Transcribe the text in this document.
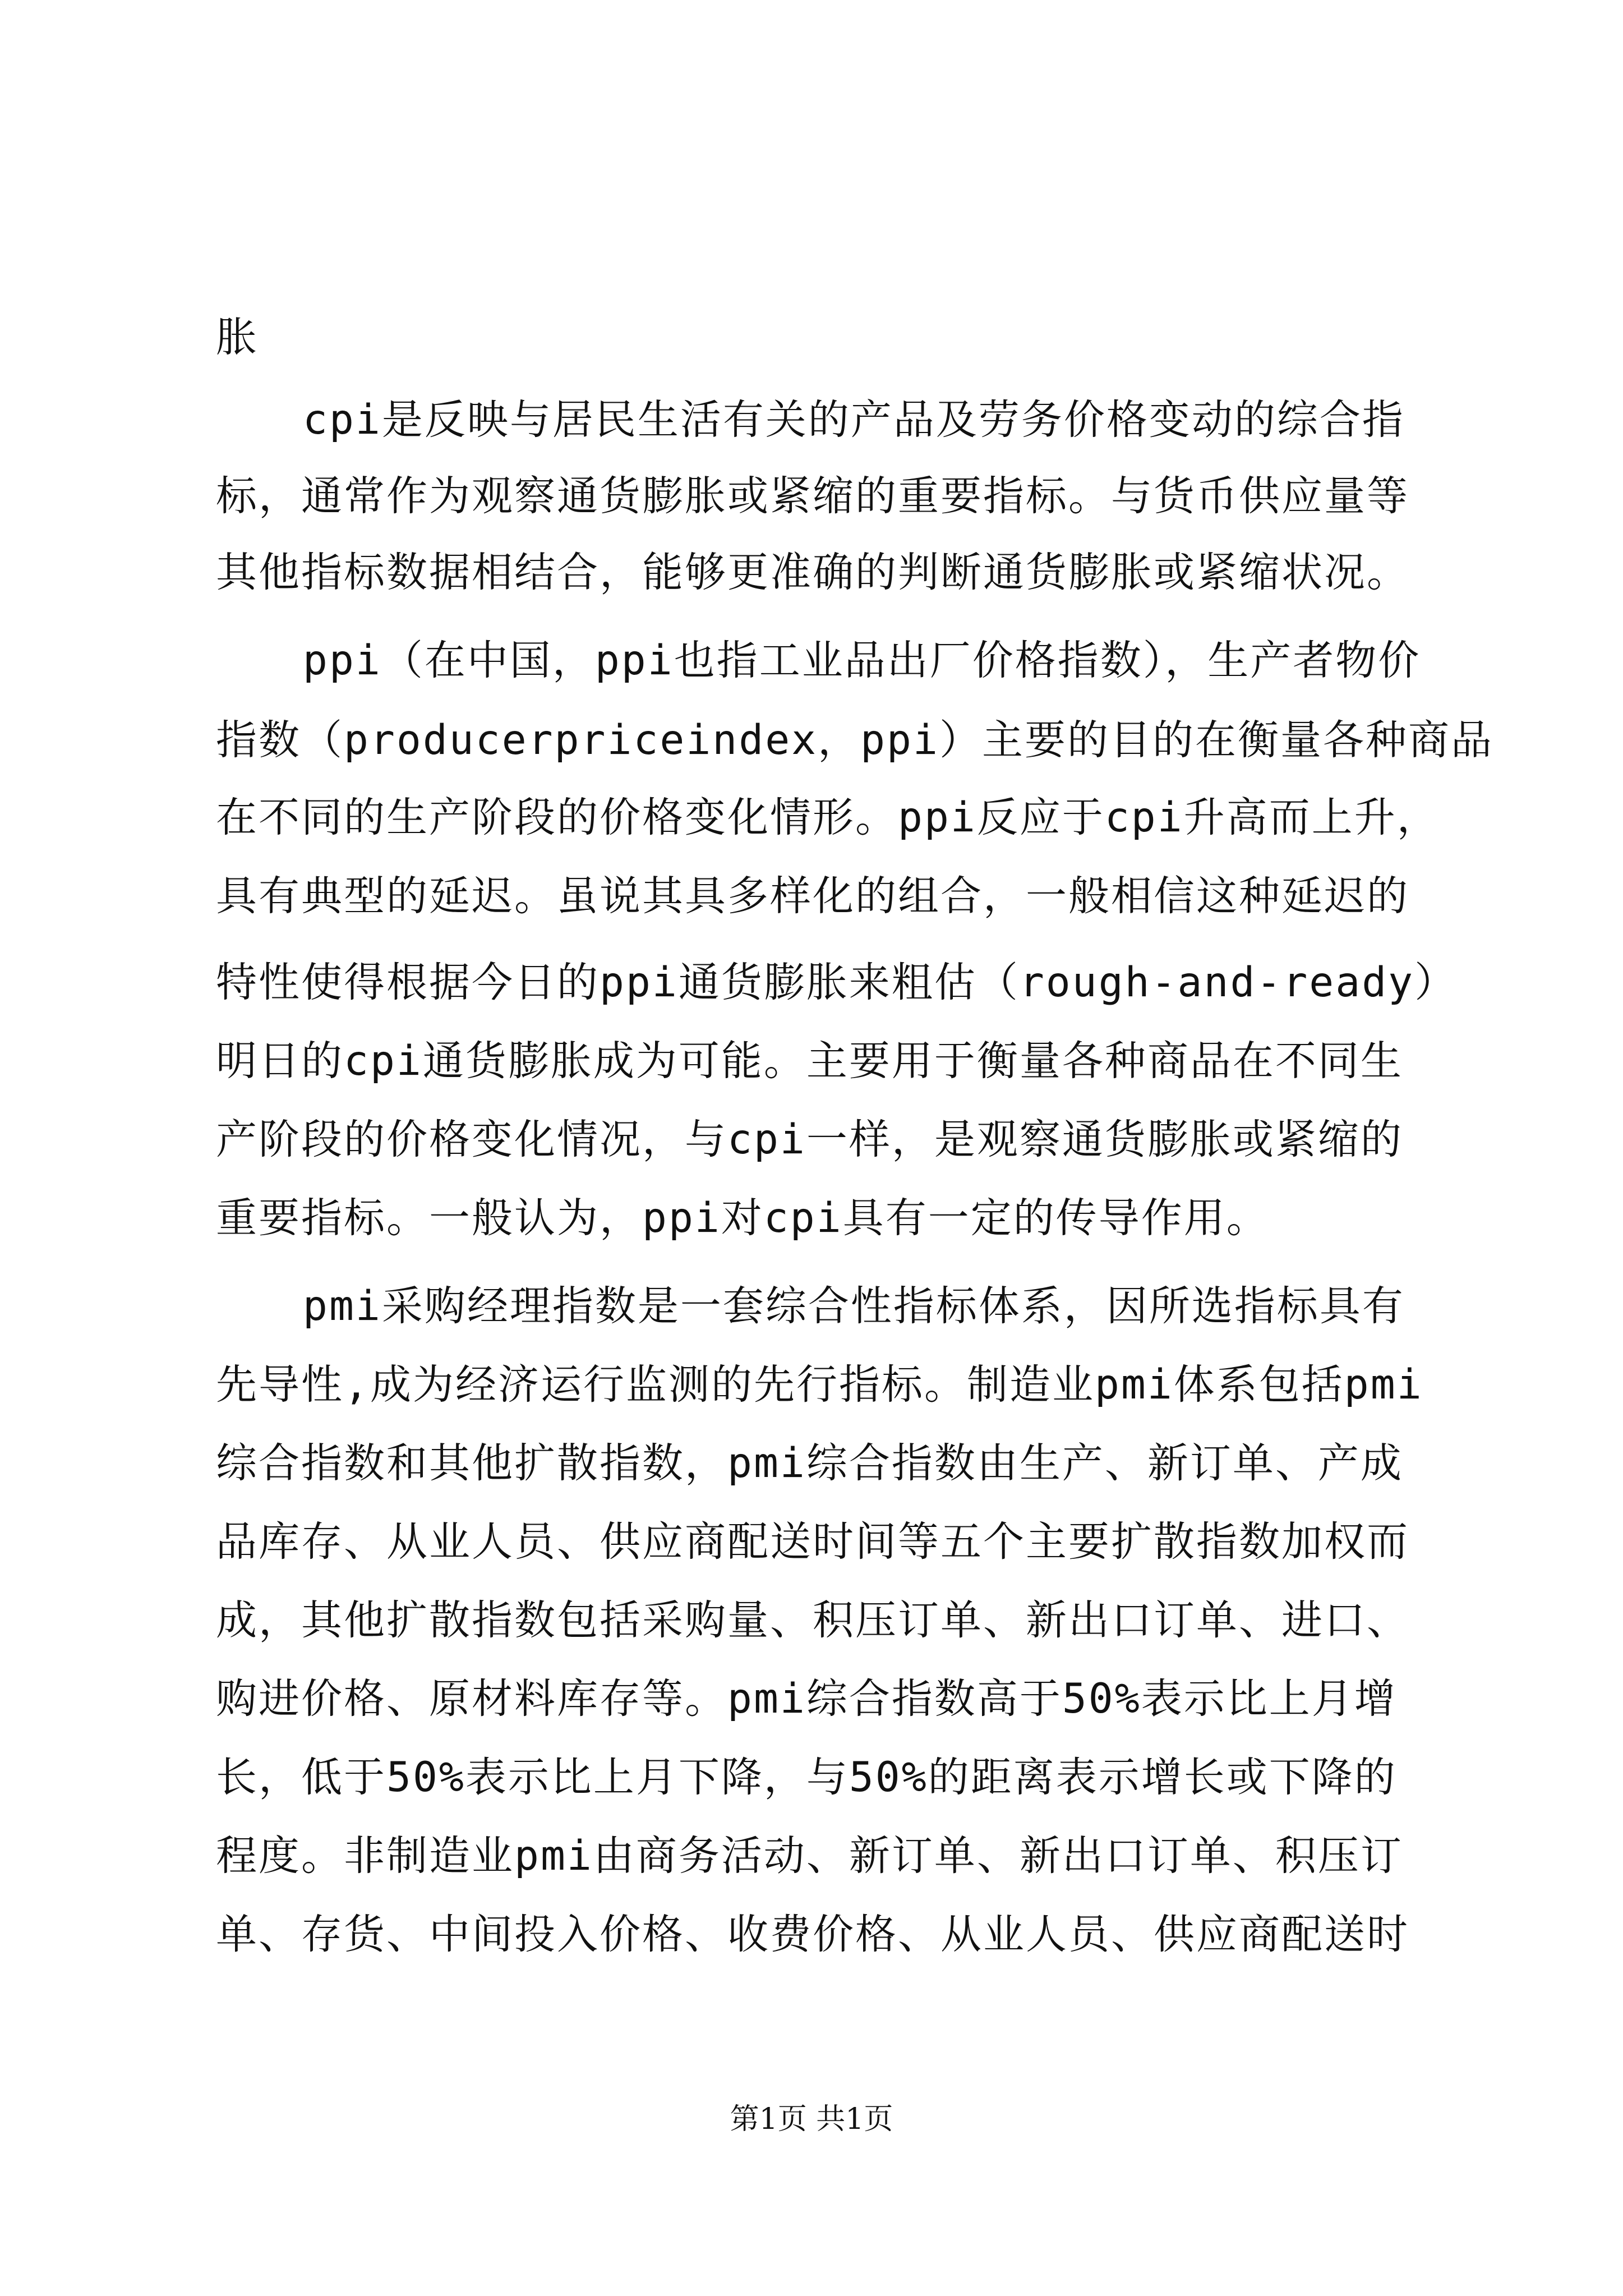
胀

cpi是反映与居民生活有关的产品及劳务价格变动的综合指

标，通常作为观察通货膨胀或紧缩的重要指标。与货币供应量等

其他指标数据相结合，能够更准确的判断通货膨胀或紧缩状况。

ppi（在中国，ppi也指工业品出厂价格指数），生产者物价

指数（producerpriceindex，ppi）主要的目的在衡量各种商品

在不同的生产阶段的价格变化情形。ppi反应于cpi升高而上升，

具有典型的延迟。虽说其具多样化的组合，一般相信这种延迟的

特性使得根据今日的ppi通货膨胀来粗估（rough-and-ready）

明日的cpi通货膨胀成为可能。主要用于衡量各种商品在不同生

产阶段的价格变化情况，与cpi一样，是观察通货膨胀或紧缩的

重要指标。一般认为，ppi对cpi具有一定的传导作用。

pmi采购经理指数是一套综合性指标体系，因所选指标具有

先导性,成为经济运行监测的先行指标。制造业pmi体系包括pmi

综合指数和其他扩散指数，pmi综合指数由生产、新订单、产成

品库存、从业人员、供应商配送时间等五个主要扩散指数加权而

成，其他扩散指数包括采购量、积压订单、新出口订单、进口、

购进价格、原材料库存等。pmi综合指数高于50%表示比上月增

长，低于50%表示比上月下降，与50%的距离表示增长或下降的

程度。非制造业pmi由商务活动、新订单、新出口订单、积压订

单、存货、中间投入价格、收费价格、从业人员、供应商配送时

第1页 共1页
